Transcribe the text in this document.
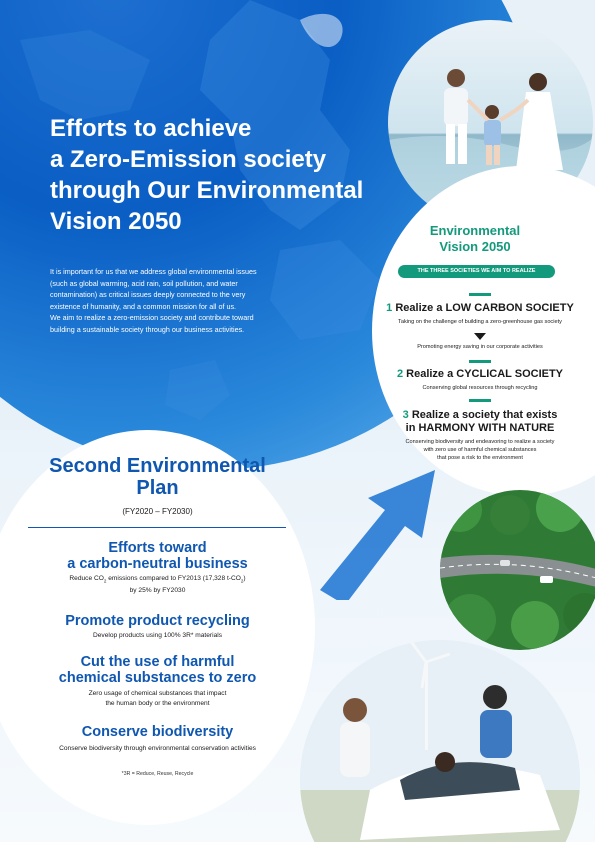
Efforts to achieve
a Zero-Emission society
through Our Environmental
Vision 2050

It is important for us that we address global environmental issues
(such as global warming, acid rain, soil pollution, and water
contamination) as critical issues deeply connected to the very
existence of humanity, and a common mission for all of us.
We aim to realize a zero-emission society and contribute toward
building a sustainable society through our business activities.

Environmental
Vision 2050

THE THREE SOCIETIES WE AIM TO REALIZE

1 Realize a LOW CARBON SOCIETY

Taking on the challenge of building a zero-greenhouse gas society

Promoting energy saving in our corporate activities

2 Realize a CYCLICAL SOCIETY

Conserving global resources through recycling

3 Realize a society that exists
in HARMONY WITH NATURE

Conserving biodiversity and endeavoring to realize a society
with zero use of harmful chemical substances
that pose a risk to the environment

Second Environmental
Plan

(FY2020 – FY2030)

Efforts toward
a carbon-neutral business

Reduce $CO_2$ emissions compared to FY2013 (17,328 $t-CO_2$)
by 25% by FY2030

Promote product recycling

Develop products using 100% 3R* materials

Cut the use of harmful
chemical substances to zero

Zero usage of chemical substances that impact
the human body or the environment

Conserve biodiversity

Conserve biodiversity through environmental conservation activities

*3R = Reduce, Reuse, Recycle
